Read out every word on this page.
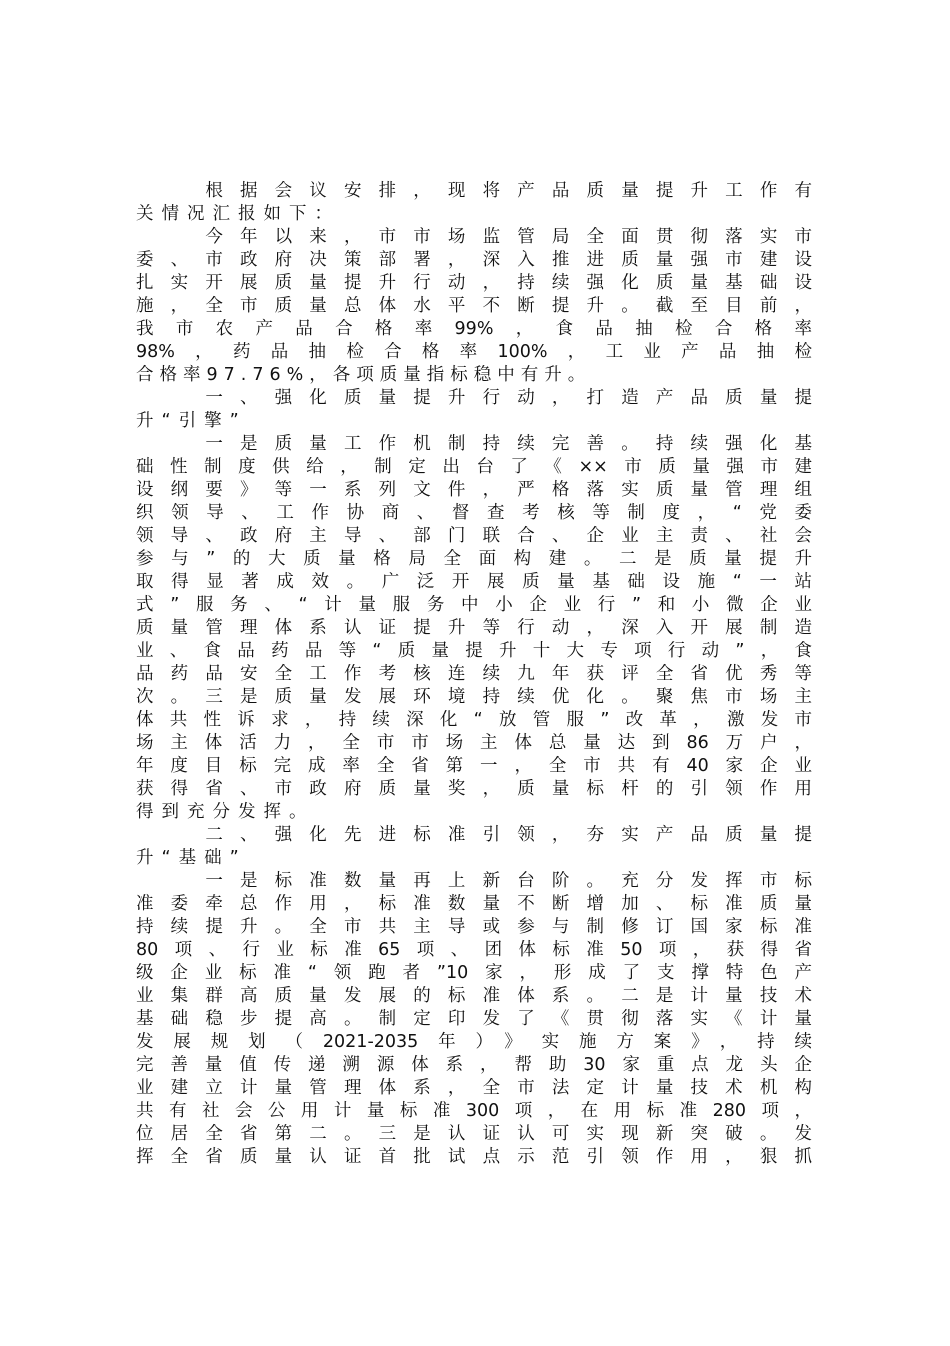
　　根据会议安排，现将产品质量提升工作有
关情况汇报如下：
　　今年以来，市市场监管局全面贯彻落实市
委、市政府决策部署，深入推进质量强市建设
扎实开展质量提升行动，持续强化质量基础设
施，全市质量总体水平不断提升。截至目前，
我市农产品合格率99%，食品抽检合格率
98%，药品抽检合格率100%，工业产品抽检
合格率97.76%，各项质量指标稳中有升。
　　一、强化质量提升行动，打造产品质量提
升“引擎”
　　一是质量工作机制持续完善。持续强化基
础性制度供给，制定出台了《××市质量强市建
设纲要》等一系列文件，严格落实质量管理组
织领导、工作协商、督查考核等制度，“党委
领导、政府主导、部门联合、企业主责、社会
参与”的大质量格局全面构建。二是质量提升
取得显著成效。广泛开展质量基础设施“一站
式”服务、“计量服务中小企业行”和小微企业
质量管理体系认证提升等行动，深入开展制造
业、食品药品等“质量提升十大专项行动”，食
品药品安全工作考核连续九年获评全省优秀等
次。三是质量发展环境持续优化。聚焦市场主
体共性诉求，持续深化“放管服”改革，激发市
场主体活力，全市市场主体总量达到86万户，
年度目标完成率全省第一，全市共有40家企业
获得省、市政府质量奖，质量标杆的引领作用
得到充分发挥。
　　二、强化先进标准引领，夯实产品质量提
升“基础”
　　一是标准数量再上新台阶。充分发挥市标
准委牵总作用，标准数量不断增加、标准质量
持续提升。全市共主导或参与制修订国家标准
80项、行业标准65项、团体标准50项，获得省
级企业标准“领跑者”10家，形成了支撑特色产
业集群高质量发展的标准体系。二是计量技术
基础稳步提高。制定印发了《贯彻落实《计量
发展规划（2021-2035年）》实施方案》，持续
完善量值传递溯源体系，帮助30家重点龙头企
业建立计量管理体系，全市法定计量技术机构
共有社会公用计量标准300项，在用标准280项，
位居全省第二。三是认证认可实现新突破。发
挥全省质量认证首批试点示范引领作用，狠抓
